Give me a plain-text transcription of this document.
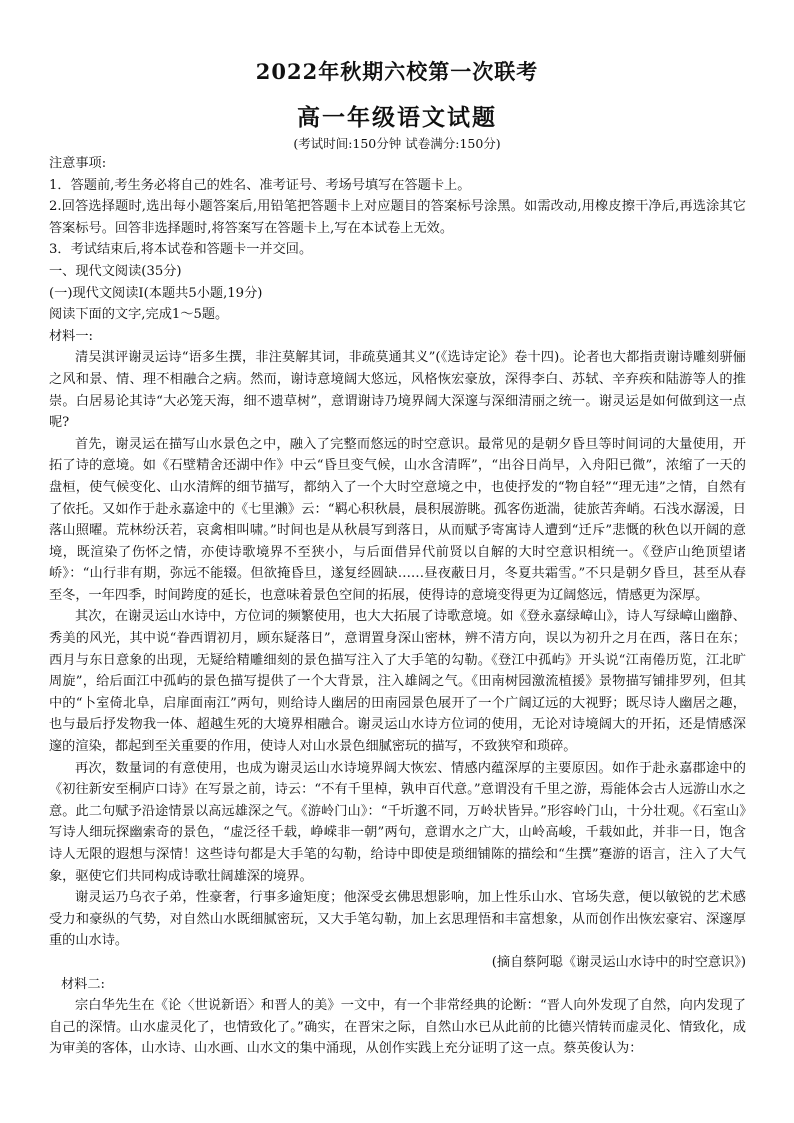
2022年秋期六校第一次联考
高一年级语文试题
(考试时间:150分钟 试卷满分:150分)

注意事项:

1．答题前,考生务必将自己的姓名、准考证号、考场号填写在答题卡上。

2.回答选择题时,选出每小题答案后,用铅笔把答题卡上对应题目的答案标号涂黑。如需改动,用橡皮擦干净后,再选涂其它答案标号。回答非选择题时,将答案写在答题卡上,写在本试卷上无效。

3．考试结束后,将本试卷和答题卡一并交回。

一、现代文阅读(35分)

(一)现代文阅读Ⅰ(本题共5小题,19分)

阅读下面的文字,完成1～5题。

材料一:

清吴淇评谢灵运诗“语多生撰，非注莫解其词，非疏莫通其义”(《选诗定论》卷十四)。论者也大都指责谢诗雕刻骈俪之风和景、情、理不相融合之病。然而，谢诗意境阔大悠远，风格恢宏豪放，深得李白、苏轼、辛弃疾和陆游等人的推崇。白居易论其诗“大必笼天海，细不遗草树”，意谓谢诗乃境界阔大深邃与深细清丽之统一。谢灵运是如何做到这一点呢?

首先，谢灵运在描写山水景色之中，融入了完整而悠远的时空意识。最常见的是朝夕昏旦等时间词的大量使用，开拓了诗的意境。如《石壁精舍还湖中作》中云“昏旦变气候，山水含清晖”，“出谷日尚早，入舟阳已微”，浓缩了一天的盘桓，使气候变化、山水清辉的细节描写，都纳入了一个大时空意境之中，也使抒发的“物自轻”“理无违”之情，自然有了依托。又如作于赴永嘉途中的《七里濑》云：“羁心积秋晨，晨积展游眺。孤客伤逝湍，徒旅苦奔峭。石浅水潺湲，日落山照曜。荒林纷沃若，哀禽相叫啸。”时间也是从秋晨写到落日，从而赋予寄寓诗人遭到“迁斥”悲慨的秋色以开阔的意境，既渲染了伤怀之情，亦使诗歌境界不至狭小，与后面借异代前贤以自解的大时空意识相统一。《登庐山绝顶望诸峤》：“山行非有期，弥远不能辍。但欲掩昏旦，遂复经圆缺……昼夜蔽日月，冬夏共霜雪。”不只是朝夕昏旦，甚至从春至冬，一年四季，时间跨度的延长，也意味着景色空间的拓展，使得诗的意境变得更为辽阔悠远，情感更为深厚。

其次，在谢灵运山水诗中，方位词的频繁使用，也大大拓展了诗歌意境。如《登永嘉绿嶂山》，诗人写绿嶂山幽静、秀美的风光，其中说“眷西谓初月，顾东疑落日”，意谓置身深山密林，辨不清方向，误以为初升之月在西，落日在东；西月与东日意象的出现，无疑给精雕细刻的景色描写注入了大手笔的勾勒。《登江中孤屿》开头说“江南倦历览，江北旷周旋”，给后面江中孤屿的景色描写提供了一个大背景，注入雄阔之气。《田南树园激流植援》景物描写铺排罗列，但其中的“卜室倚北阜，启扉面南江”两句，则给诗人幽居的田南园景色展开了一个广阔辽远的大视野；既尽诗人幽居之趣，也与最后抒发物我一体、超越生死的大境界相融合。谢灵运山水诗方位词的使用，无论对诗境阔大的开拓，还是情感深邃的渲染，都起到至关重要的作用，使诗人对山水景色细腻密玩的描写，不致狭窄和琐碎。

再次，数量词的有意使用，也成为谢灵运山水诗境界阔大恢宏、情感内蕴深厚的主要原因。如作于赴永嘉郡途中的《初往新安至桐庐口诗》在写景之前，诗云：“不有千里棹，孰申百代意。”意谓没有千里之游，焉能体会古人远游山水之意。此二句赋予沿途情景以高远雄深之气。《游岭门山》：“千圻邈不同，万岭状皆异。”形容岭门山，十分壮观。《石室山》写诗人细玩探幽索奇的景色，“虚泛径千载，峥嵘非一朝”两句，意谓水之广大，山岭高峻，千载如此，并非一日，饱含诗人无限的遐想与深情！这些诗句都是大手笔的勾勒，给诗中即使是琐细铺陈的描绘和“生撰”蹇游的语言，注入了大气象，驱使它们共同构成诗歌壮阔雄深的境界。

谢灵运乃乌衣子弟，性豪奢，行事多逾矩度；他深受玄佛思想影响，加上性乐山水、官场失意，便以敏锐的艺术感受力和豪纵的气势，对自然山水既细腻密玩，又大手笔勾勒，加上玄思理悟和丰富想象，从而创作出恢宏豪宕、深邃厚重的山水诗。

(摘自蔡阿聪《谢灵运山水诗中的时空意识》)

材料二:

宗白华先生在《论〈世说新语〉和晋人的美》一文中，有一个非常经典的论断：“晋人向外发现了自然，向内发现了自己的深情。山水虚灵化了，也情致化了。”确实，在晋宋之际，自然山水已从此前的比德兴情转而虚灵化、情致化，成为审美的客体，山水诗、山水画、山水文的集中涌现，从创作实践上充分证明了这一点。蔡英俊认为：
